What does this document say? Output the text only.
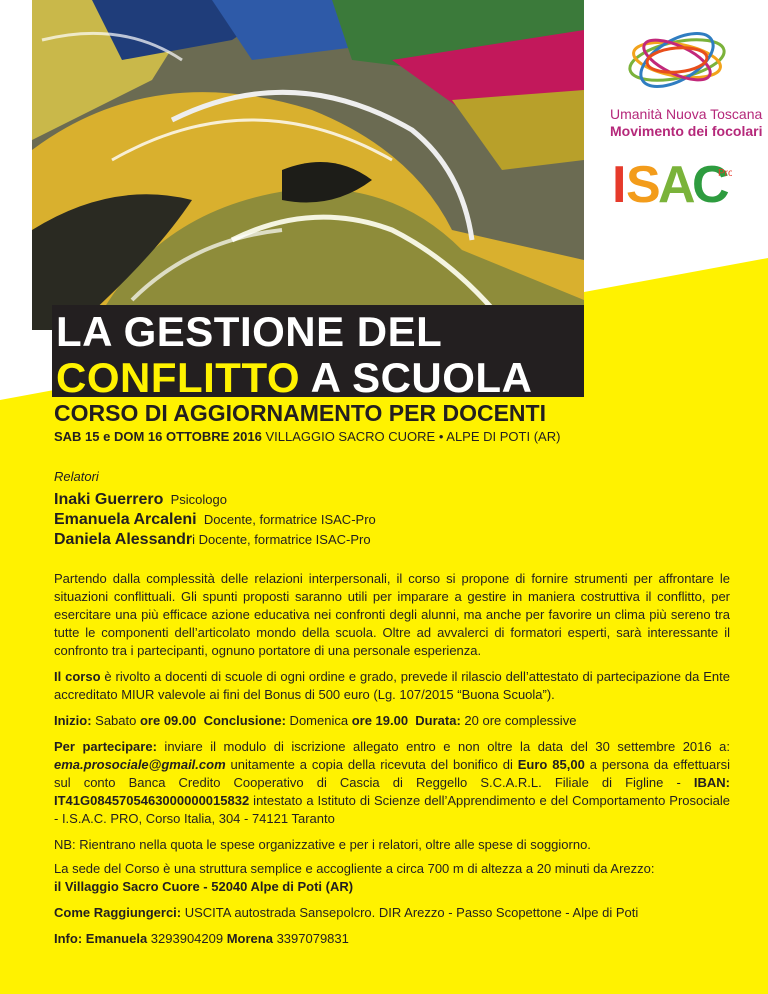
Umanità Nuova Toscana
Movimento dei focolari
I S A
C
Pro
LA GESTIONE DEL
CONFLITTO A SCUOLA
CORSO DI AGGIORNAMENTO PER DOCENTI
SAB 15 e DOM 16 OTTOBRE 2016 VILLAGGIO SACRO CUORE • ALPE DI POTI (AR)
Relatori
Inaki Guerrero Psicologo
Emanuela Arcaleni Docente, formatrice ISAC-Pro
Daniela Alessandri Docente, formatrice ISAC-Pro

Partendo dalla complessità delle relazioni interpersonali, il corso si propone di fornire strumenti per affrontare le situazioni conflittuali. Gli spunti proposti saranno utili per imparare a gestire in maniera costruttiva il conflitto, per esercitare una più efficace azione educativa nei confronti degli alunni, ma anche per favorire un clima più sereno tra tutte le componenti dell’articolato mondo della scuola. Oltre ad avvalerci di formatori esperti, sarà interessante il confronto tra i partecipanti, ognuno portatore di una personale esperienza.

Il corso è rivolto a docenti di scuole di ogni ordine e grado, prevede il rilascio dell’attestato di partecipazione da Ente accreditato MIUR valevole ai fini del Bonus di 500 euro (Lg. 107/2015 “Buona Scuola”).

Inizio: Sabato ore 09.00 Conclusione: Domenica ore 19.00 Durata: 20 ore complessive

Per partecipare: inviare il modulo di iscrizione allegato entro e non oltre la data del 30 settembre 2016 a: ema.prosociale@gmail.com unitamente a copia della ricevuta del bonifico di Euro 85,00 a persona da effettuarsi sul conto Banca Credito Cooperativo di Cascia di Reggello S.C.A.R.L. Filiale di Figline - IBAN: IT41G0845705463000000015832 intestato a Istituto di Scienze dell’Apprendimento e del Comportamento Prosociale - I.S.A.C. PRO, Corso Italia, 304 - 74121 Taranto

NB: Rientrano nella quota le spese organizzative e per i relatori, oltre alle spese di soggiorno.

La sede del Corso è una struttura semplice e accogliente a circa 700 m di altezza a 20 minuti da Arezzo:
il Villaggio Sacro Cuore - 52040 Alpe di Poti (AR)

Come Raggiungerci: USCITA autostrada Sansepolcro. DIR Arezzo - Passo Scopettone - Alpe di Poti

Info: Emanuela 3293904209 Morena 3397079831
